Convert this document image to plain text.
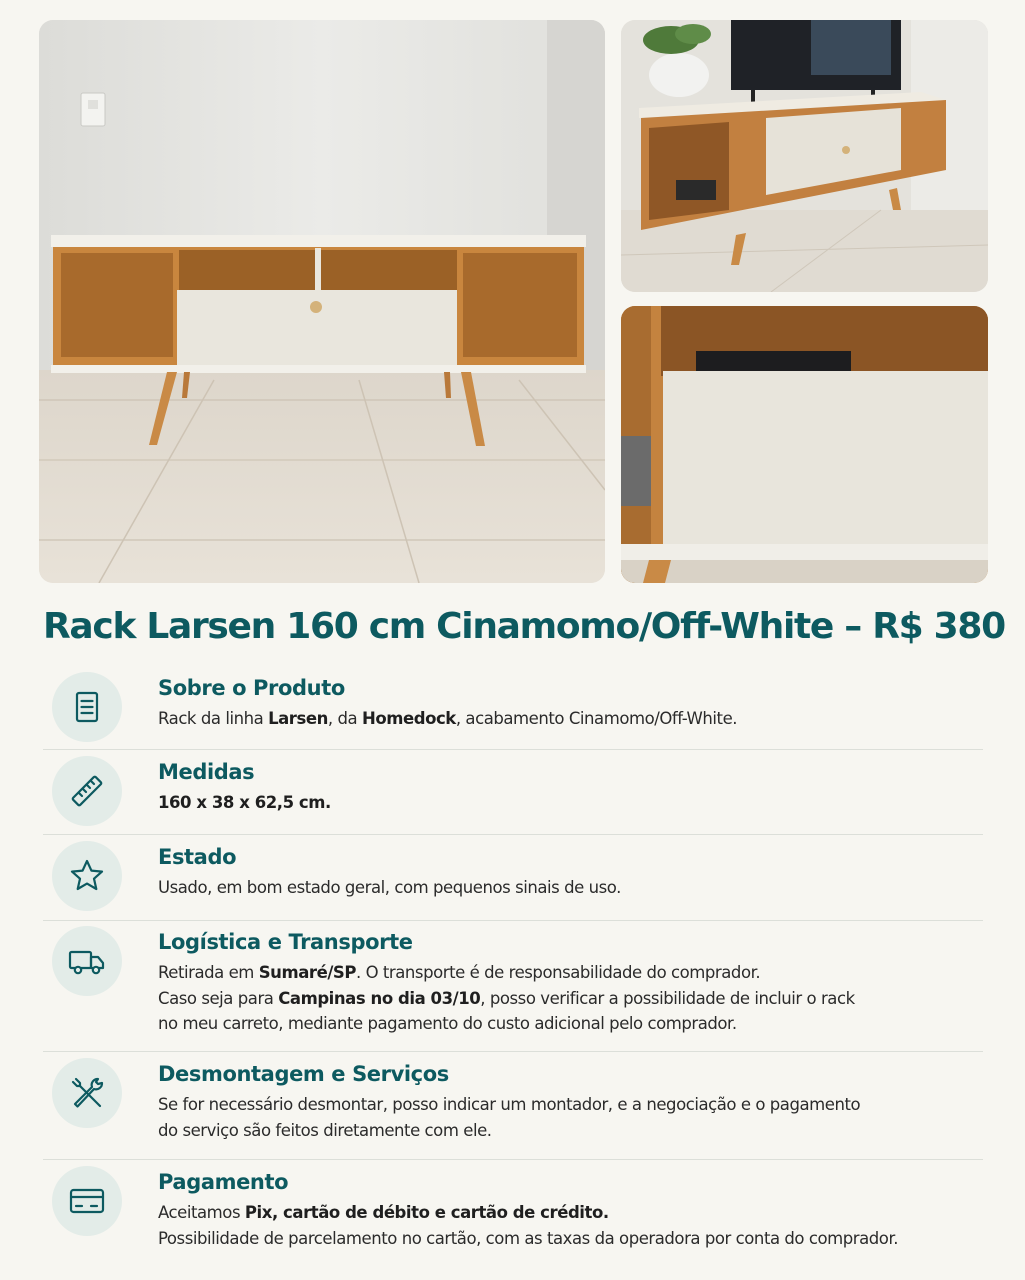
Rack Larsen 160 cm Cinamomo/Off-White – R$ 380
Sobre o Produto
Rack da linha Larsen, da Homedock, acabamento Cinamomo/Off-White.
Medidas
160 x 38 x 62,5 cm.
Estado
Usado, em bom estado geral, com pequenos sinais de uso.
Logística e Transporte
Retirada em Sumaré/SP. O transporte é de responsabilidade do comprador.
Caso seja para Campinas no dia 03/10, posso verificar a possibilidade de incluir o rack
no meu carreto, mediante pagamento do custo adicional pelo comprador.
Desmontagem e Serviços
Se for necessário desmontar, posso indicar um montador, e a negociação e o pagamento
do serviço são feitos diretamente com ele.
Pagamento
Aceitamos Pix, cartão de débito e cartão de crédito.
Possibilidade de parcelamento no cartão, com as taxas da operadora por conta do comprador.
